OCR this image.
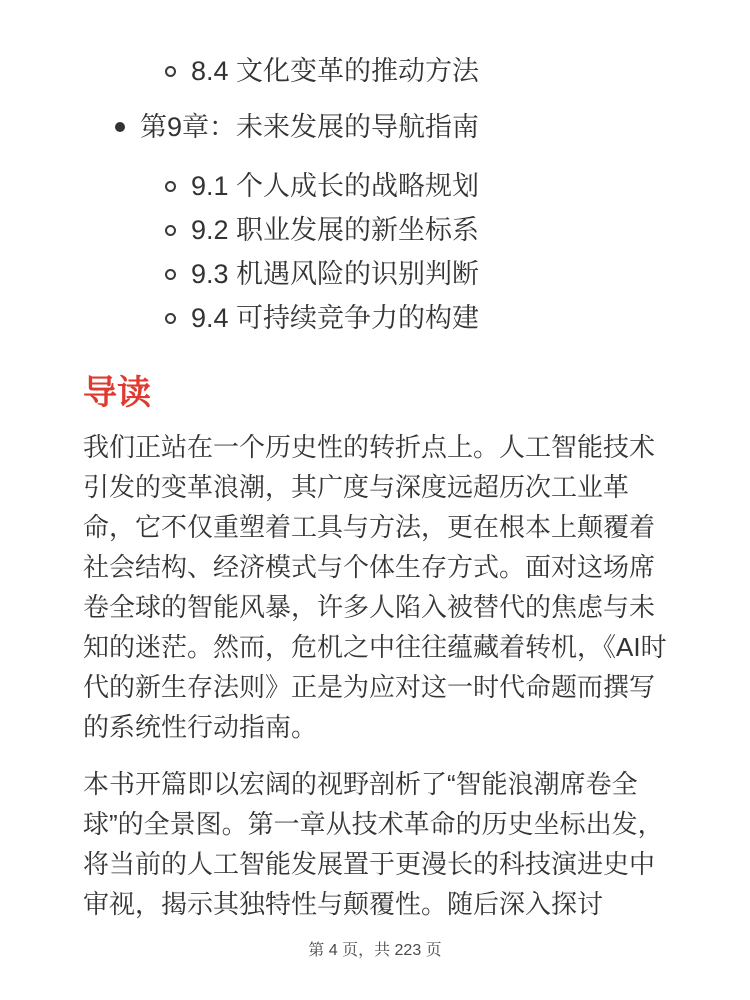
8.4 文化变革的推动方法
第9章：未来发展的导航指南
9.1 个人成长的战略规划
9.2 职业发展的新坐标系
9.3 机遇风险的识别判断
9.4 可持续竞争力的构建
导读

我们正站在一个历史性的转折点上。人工智能技术引发的变革浪潮，其广度与深度远超历次工业革命，它不仅重塑着工具与方法，更在根本上颠覆着社会结构、经济模式与个体生存方式。面对这场席卷全球的智能风暴，许多人陷入被替代的焦虑与未知的迷茫。然而，危机之中往往蕴藏着转机，《AI时代的新生存法则》正是为应对这一时代命题而撰写的系统性行动指南。

本书开篇即以宏阔的视野剖析了“智能浪潮席卷全球”的全景图。第一章从技术革命的历史坐标出发，将当前的人工智能发展置于更漫长的科技演进史中审视，揭示其独特性与颠覆性。随后深入探讨

第 4 页，共 223 页
